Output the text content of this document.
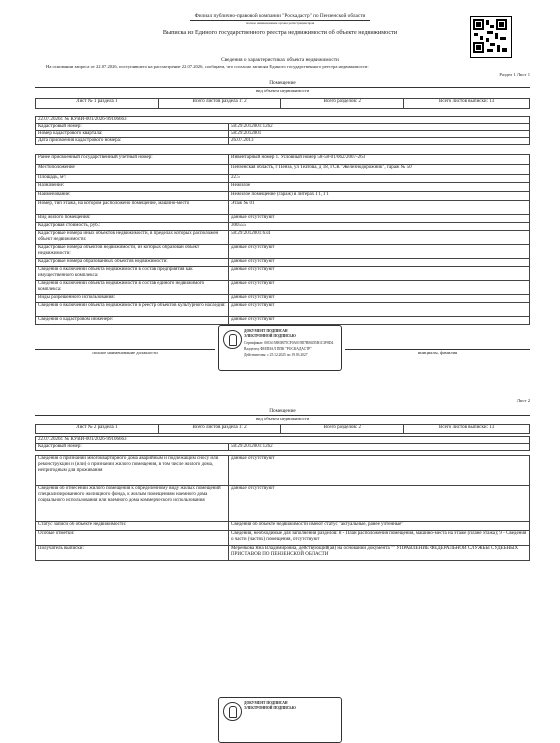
Филиал публично-правовой компании "Роскадастр" по Пензенской области
полное наименование органа регистрации прав
Выписка из Единого государственного реестра недвижимости об объекте недвижимости
Сведения о характеристиках объекта недвижимости
На основании запроса от 22.07.2026, поступившего на рассмотрение 22.07.2026, сообщаем, что согласно записям Единого государственного реестра недвижимости:
Раздел 1 Лист 1
Помещение
вид объекта недвижимости
Лист № 1 раздела 1	Всего листов раздела 1: 2	Всего разделов: 2	Всего листов выписки: 13
22.07.2026г. № КУВИ-001/2026-99106663	
Кадастровый номер:	58:29:2012001:1262
Номер кадастрового квартала:	58:29:2012001
Дата присвоения кадастрового номера:	26.07.2013
Ранее присвоенный государственный учетный номер:	Инвентарный номер 1. Условный номер 58-58-01/062/2007-263
Местоположение	Пензенская область, г Пенза, ул Театова, д 18, ГСК "Железнодорожник", гараж № 50
Площадь, м²:	22.5
Назначение:	Нежилое
Наименование:	Нежилое помещение (гараж) в литерах Г1, Г1
Номер, тип этажа, на котором расположено помещение, машино-место	Этаж № 01
Вид жилого помещения:	данные отсутствуют
Кадастровая стоимость, руб.:	300555
Кадастровые номера иных объектов недвижимости, в пределах которых расположен объект недвижимости:	58:29:2012001:634
Кадастровые номера объектов недвижимости, из которых образован объект недвижимости:	данные отсутствуют
Кадастровые номера образованных объектов недвижимости:	данные отсутствуют
Сведения о включении объекта недвижимости в состав предприятия как имущественного комплекса:	данные отсутствуют
Сведения о включении объекта недвижимости в состав единого недвижимого комплекса:	данные отсутствуют
Виды разрешенного использования:	данные отсутствуют
Сведения о включении объекта недвижимости в реестр объектов культурного наследия:	данные отсутствуют
Сведения о кадастровом инженере:	данные отсутствуют
полное наименование должности	инициалы, фамилия
ДОКУМЕНТ ПОДПИСАН
ЭЛЕКТРОННОЙ ПОДПИСЬЮ
Сертификат: 00С6158E0B75CF0A019D7BE6D5B1C3F8D4
Владелец: ФИЛИАЛ ППК "РОСКАДАСТР"
Действителен: с 25.12.2025 по 19.03.2027
Лист 2
Помещение
вид объекта недвижимости
Лист № 2 раздела 1	Всего листов раздела 1: 2	Всего разделов: 2	Всего листов выписки: 13
22.07.2026г. № КУВИ-001/2026-99106663
Кадастровый номер:	58:29:2012001:1262
Сведения о признании многоквартирного дома аварийным и подлежащим сносу или реконструкции и (или) о признании жилого помещения, в том числе жилого дома, непригодным для проживания	данные отсутствуют
Сведения об отнесении жилого помещения к определенному виду жилых помещений специализированного жилищного фонда, к жилым помещениям наемного дома социального использования или наемного дома коммерческого использования	данные отсутствуют
Статус записи об объекте недвижимости:	Сведения об объекте недвижимости имеют статус "актуальные, ранее учтенные"
Особые отметки:	Сведения, необходимые для заполнения разделов: 8 - План расположения помещения, машино-места на этаже (плане этажа); 9 - Сведения о части (частях) помещения, отсутствуют
Получатель выписки:	Меренкова Яна Владимировна, действующий(ая) на основании документа "" УПРАВЛЕНИЕ ФЕДЕРАЛЬНОЙ СЛУЖБЫ СУДЕБНЫХ ПРИСТАВОВ ПО ПЕНЗЕНСКОЙ ОБЛАСТИ
ДОКУМЕНТ ПОДПИСАН
ЭЛЕКТРОННОЙ ПОДПИСЬЮ
